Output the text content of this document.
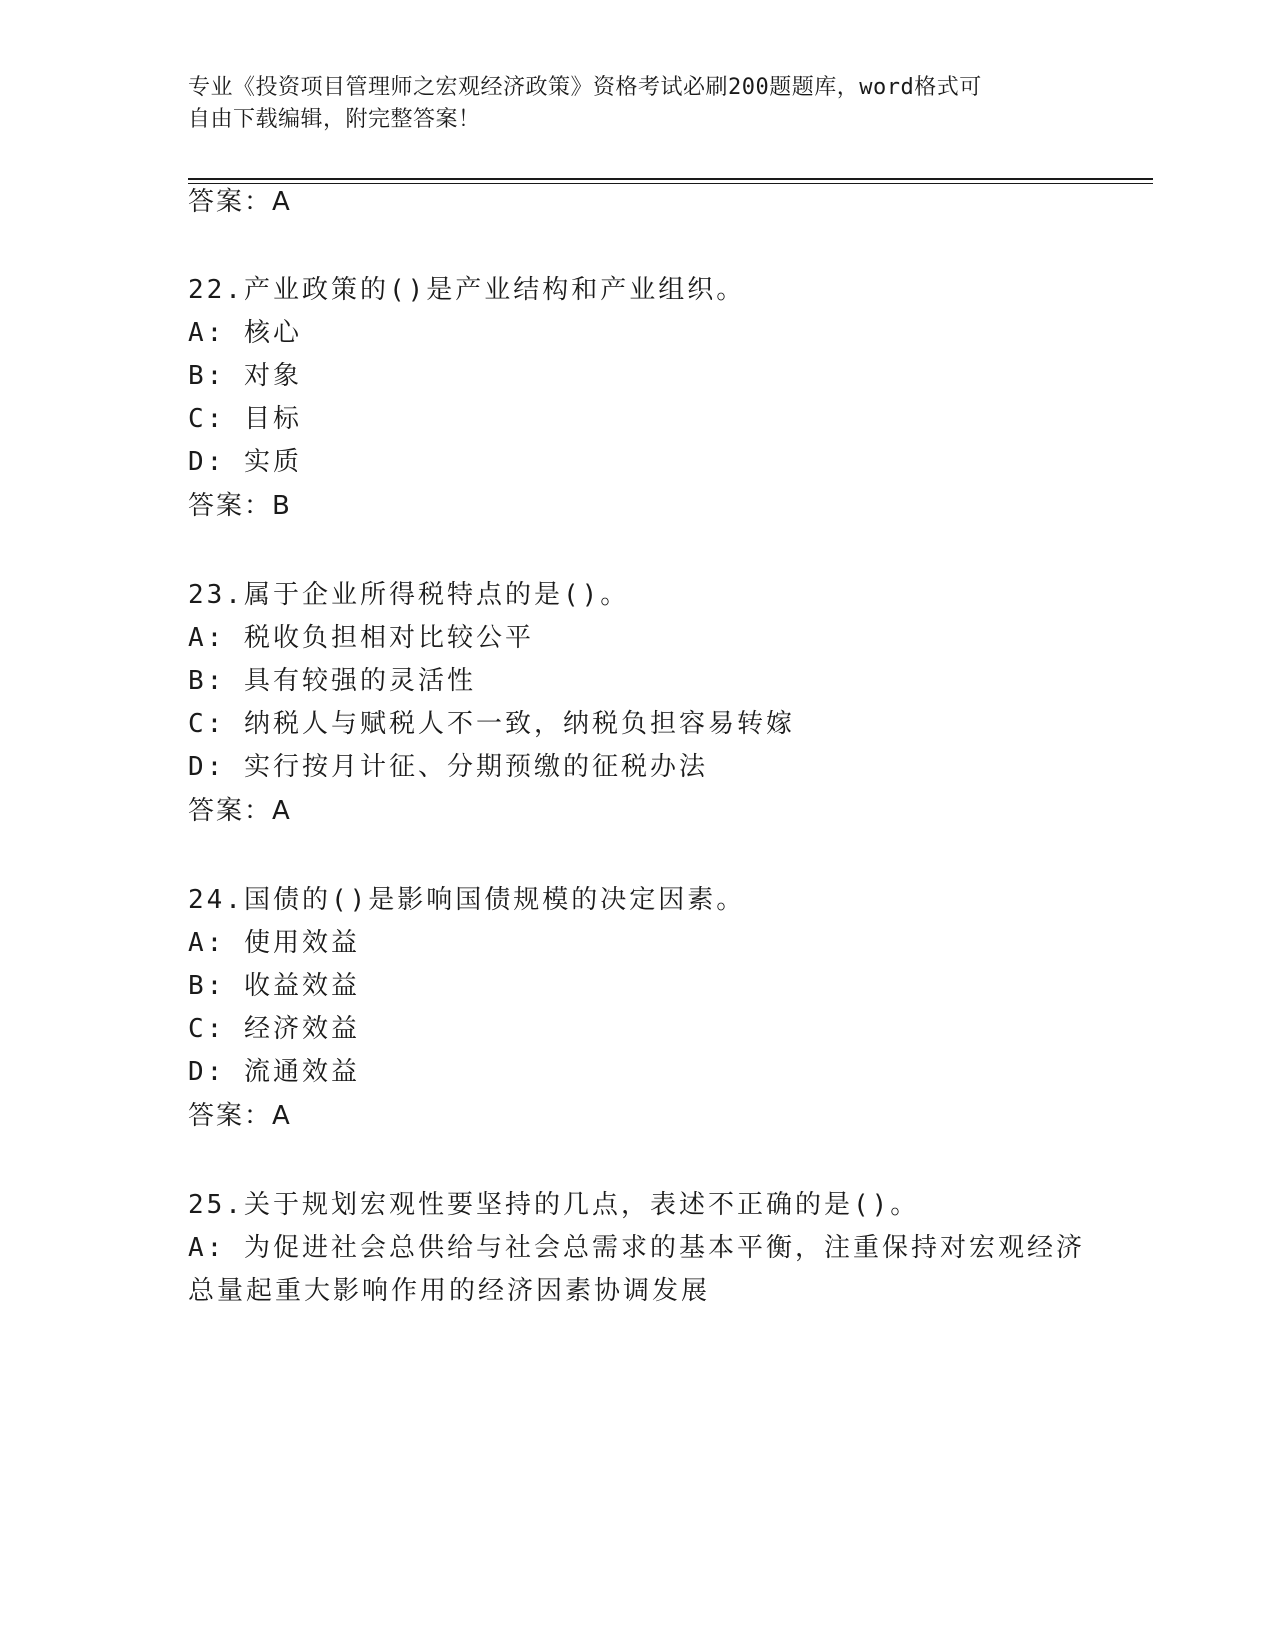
专业《投资项目管理师之宏观经济政策》资格考试必刷200题题库，word格式可
自由下载编辑，附完整答案！
答案：A
22.产业政策的()是产业结构和产业组织。
A: 核心
B: 对象
C: 目标
D: 实质
答案：B
23.属于企业所得税特点的是()。
A: 税收负担相对比较公平
B: 具有较强的灵活性
C: 纳税人与赋税人不一致，纳税负担容易转嫁
D: 实行按月计征、分期预缴的征税办法
答案：A
24.国债的()是影响国债规模的决定因素。
A: 使用效益
B: 收益效益
C: 经济效益
D: 流通效益
答案：A
25.关于规划宏观性要坚持的几点，表述不正确的是()。
A: 为促进社会总供给与社会总需求的基本平衡，注重保持对宏观经济
总量起重大影响作用的经济因素协调发展
